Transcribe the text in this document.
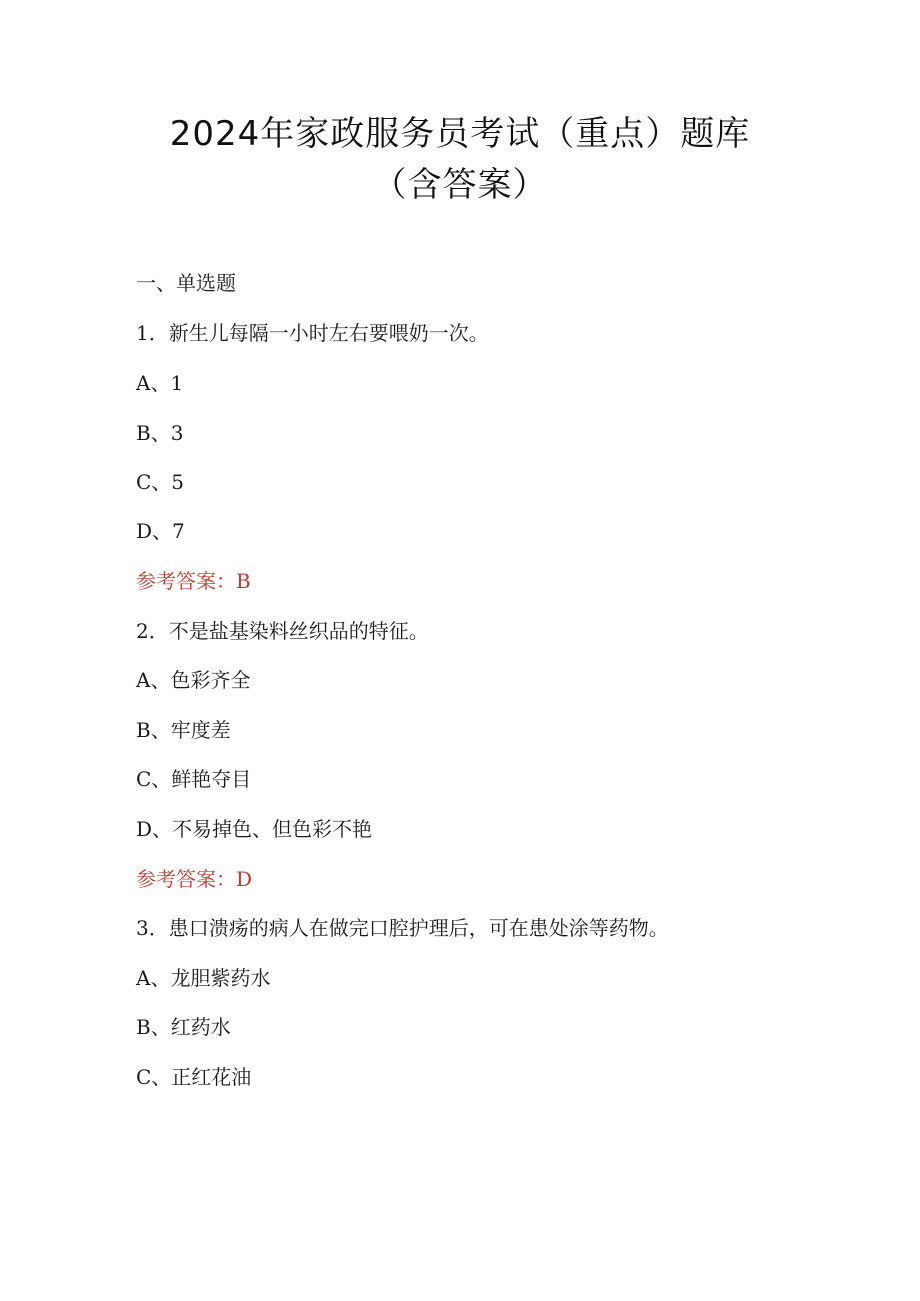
2024年家政服务员考试（重点）题库
（含答案）
一、单选题
1．新生儿每隔一小时左右要喂奶一次。
A、1
B、3
C、5
D、7
参考答案：B
2．不是盐基染料丝织品的特征。
A、色彩齐全
B、牢度差
C、鲜艳夺目
D、不易掉色、但色彩不艳
参考答案：D
3．患口溃疡的病人在做完口腔护理后，可在患处涂等药物。
A、龙胆紫药水
B、红药水
C、正红花油
